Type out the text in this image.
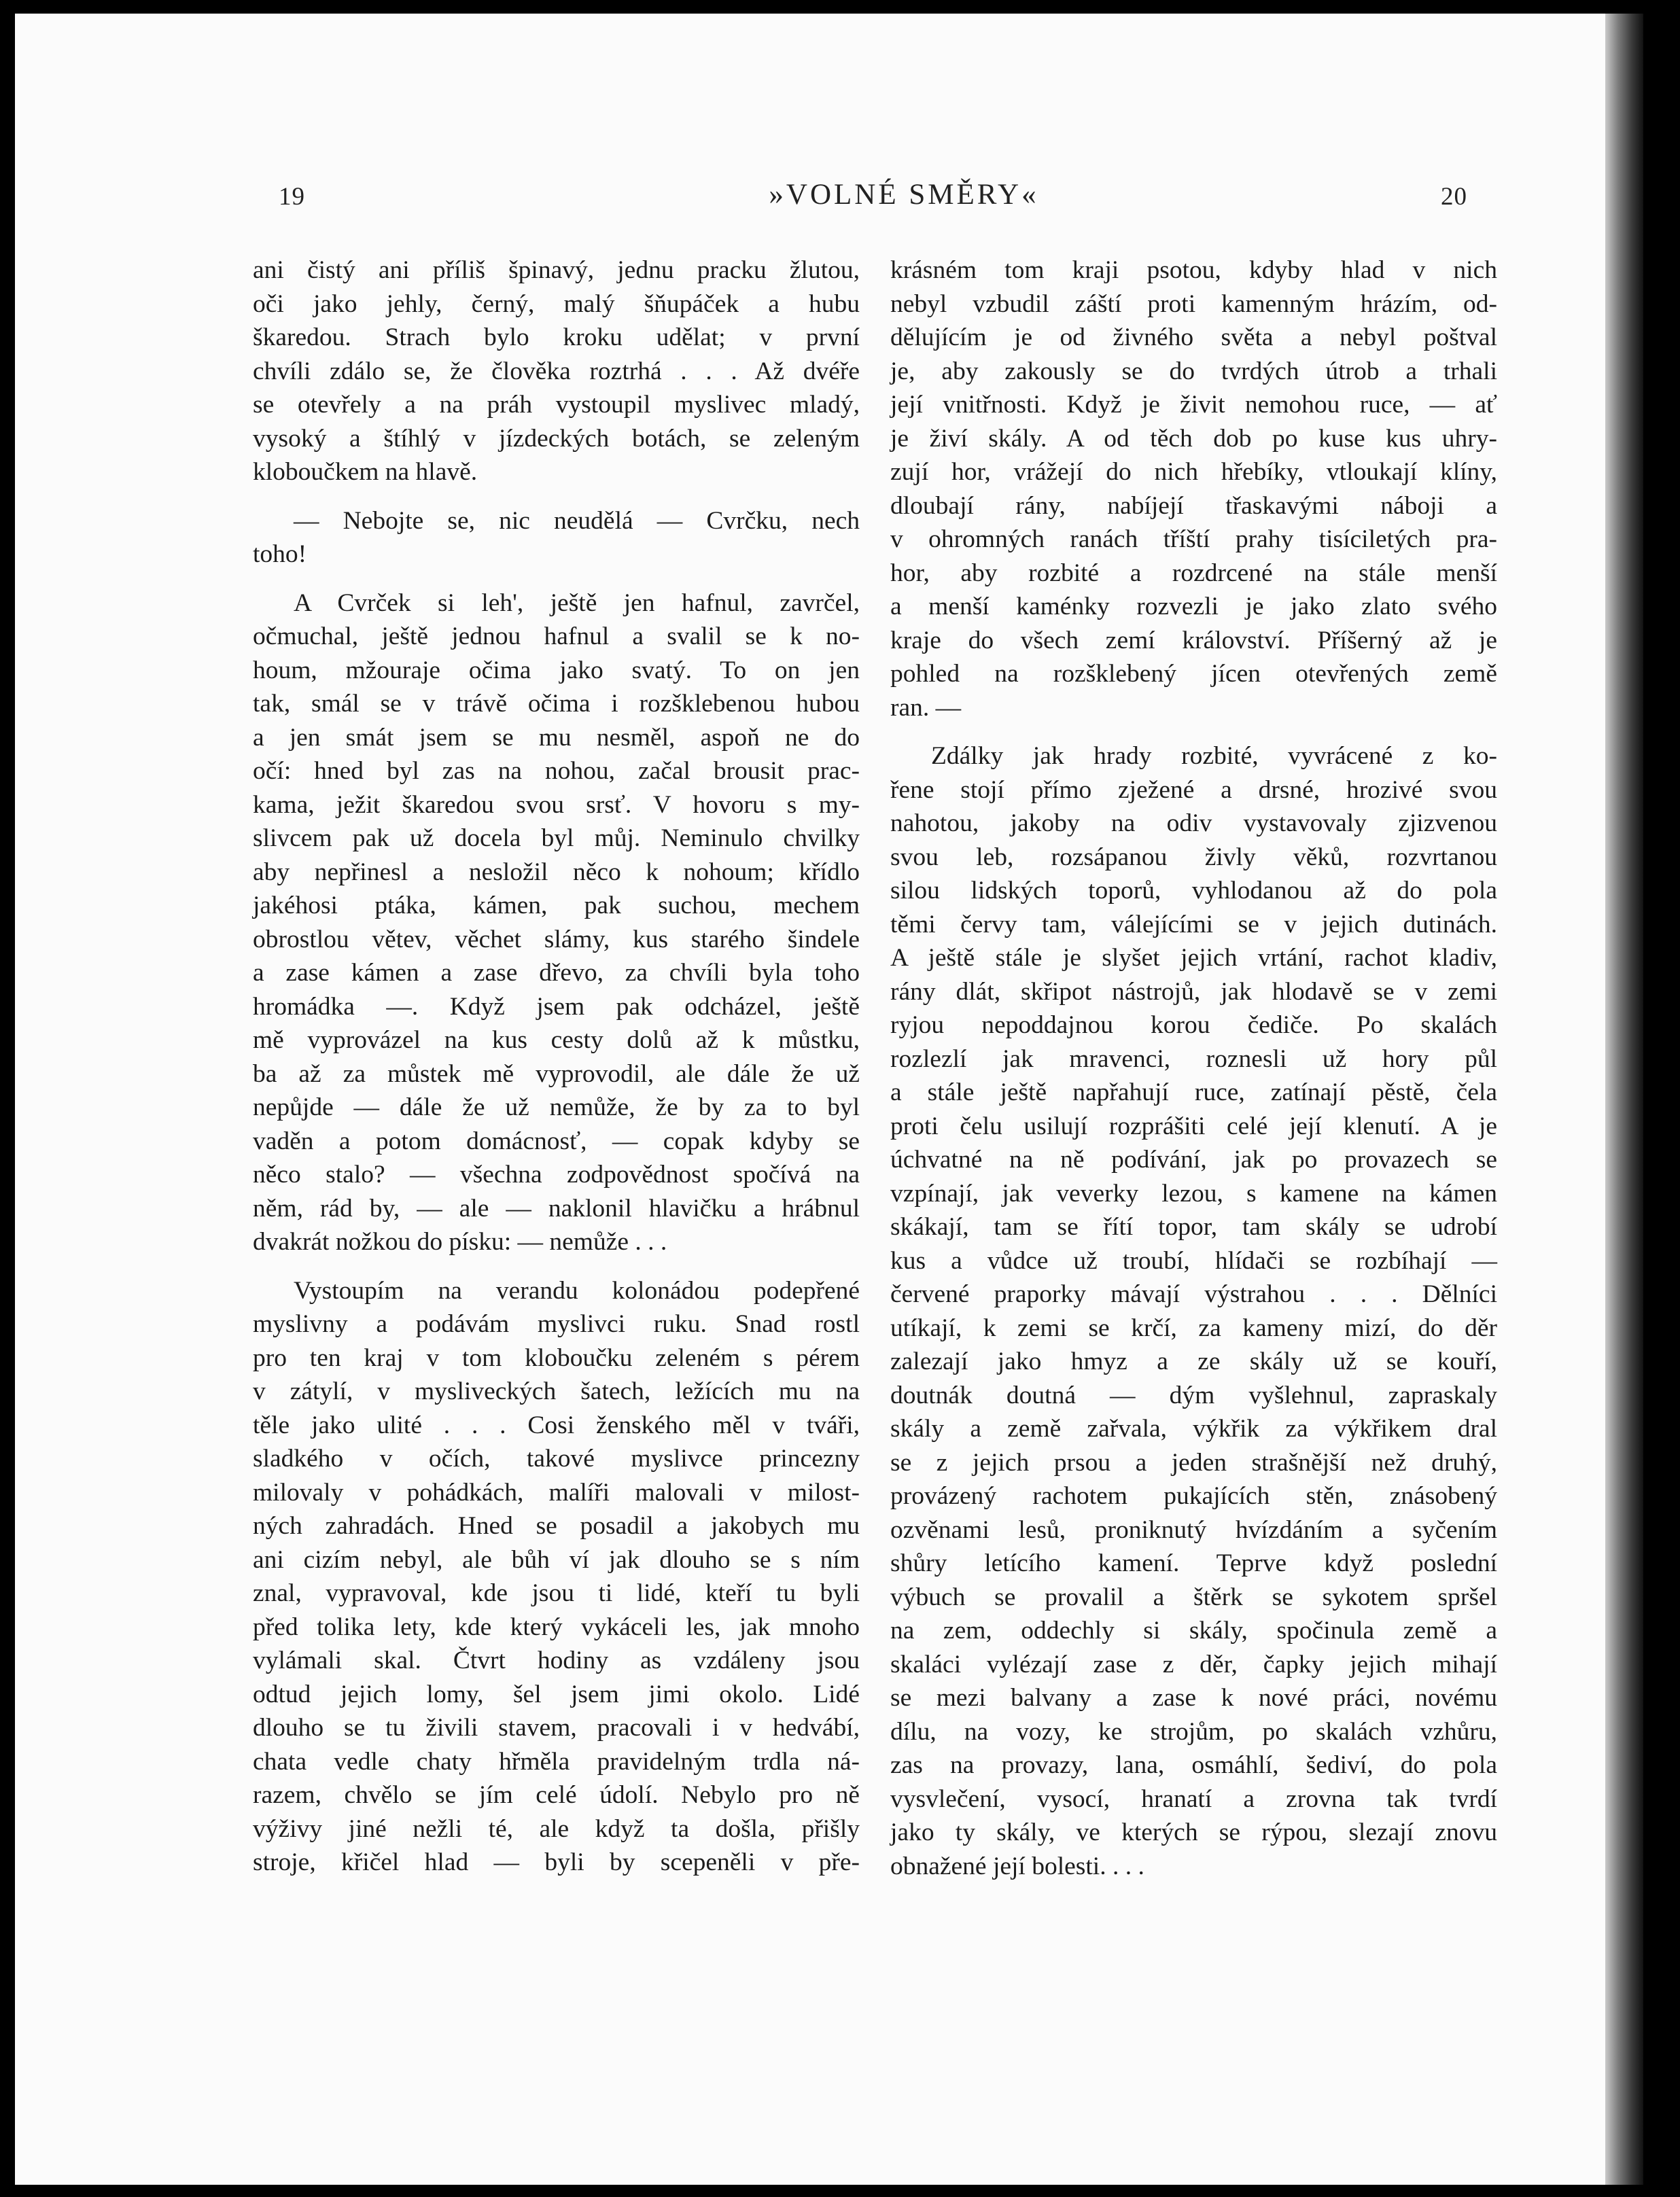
19	»VOLNÉ SMĚRY«	20
ani čistý ani příliš špinavý, jednu pracku žlutou,
oči jako jehly, černý, malý šňupáček a hubu
škaredou. Strach bylo kroku udělat; v první
chvíli zdálo se, že člověka roztrhá . . . Až dvéře
se otevřely a na práh vystoupil myslivec mladý,
vysoký a štíhlý v jízdeckých botách, se zeleným
kloboučkem na hlavě.
— Nebojte se, nic neudělá — Cvrčku, nech
toho!
A Cvrček si leh', ještě jen hafnul, zavrčel,
očmuchal, ještě jednou hafnul a svalil se k no-
houm, mžouraje očima jako svatý. To on jen
tak, smál se v trávě očima i rozšklebenou hubou
a jen smát jsem se mu nesměl, aspoň ne do
očí: hned byl zas na nohou, začal brousit prac-
kama, ježit škaredou svou srsť. V hovoru s my-
slivcem pak už docela byl můj. Neminulo chvilky
aby nepřinesl a nesložil něco k nohoum; křídlo
jakéhosi ptáka, kámen, pak suchou, mechem
obrostlou větev, věchet slámy, kus starého šindele
a zase kámen a zase dřevo, za chvíli byla toho
hromádka —. Když jsem pak odcházel, ještě
mě vyprovázel na kus cesty dolů až k můstku,
ba až za můstek mě vyprovodil, ale dále že už
nepůjde — dále že už nemůže, že by za to byl
vaděn a potom domácnosť, — copak kdyby se
něco stalo? — všechna zodpovědnost spočívá na
něm, rád by, — ale — naklonil hlavičku a hrábnul
dvakrát nožkou do písku: — nemůže . . .
Vystoupím na verandu kolonádou podepřené
myslivny a podávám myslivci ruku. Snad rostl
pro ten kraj v tom kloboučku zeleném s pérem
v zátylí, v mysliveckých šatech, ležících mu na
těle jako ulité . . . Cosi ženského měl v tváři,
sladkého v očích, takové myslivce princezny
milovaly v pohádkách, malíři malovali v milost-
ných zahradách. Hned se posadil a jakobych mu
ani cizím nebyl, ale bůh ví jak dlouho se s ním
znal, vypravoval, kde jsou ti lidé, kteří tu byli
před tolika lety, kde který vykáceli les, jak mnoho
vylámali skal. Čtvrt hodiny as vzdáleny jsou
odtud jejich lomy, šel jsem jimi okolo. Lidé
dlouho se tu živili stavem, pracovali i v hedvábí,
chata vedle chaty hřměla pravidelným trdla ná-
razem, chvělo se jím celé údolí. Nebylo pro ně
výživy jiné nežli té, ale když ta došla, přišly
stroje, křičel hlad — byli by scepeněli v pře-
krásném tom kraji psotou, kdyby hlad v nich
nebyl vzbudil záští proti kamenným hrázím, od-
dělujícím je od živného světa a nebyl poštval
je, aby zakously se do tvrdých útrob a trhali
její vnitřnosti. Když je živit nemohou ruce, — ať
je živí skály. A od těch dob po kuse kus uhry-
zují hor, vrážejí do nich hřebíky, vtloukají klíny,
dloubají rány, nabíjejí třaskavými náboji a
v ohromných ranách tříští prahy tisíciletých pra-
hor, aby rozbité a rozdrcené na stále menší
a menší kaménky rozvezli je jako zlato svého
kraje do všech zemí království. Příšerný až je
pohled na rozšklebený jícen otevřených země
ran. —
Zdálky jak hrady rozbité, vyvrácené z ko-
řene stojí přímo zježené a drsné, hrozivé svou
nahotou, jakoby na odiv vystavovaly zjizvenou
svou leb, rozsápanou živly věků, rozvrtanou
silou lidských toporů, vyhlodanou až do pola
těmi červy tam, válejícími se v jejich dutinách.
A ještě stále je slyšet jejich vrtání, rachot kladiv,
rány dlát, skřipot nástrojů, jak hlodavě se v zemi
ryjou nepoddajnou korou čediče. Po skalách
rozlezlí jak mravenci, roznesli už hory půl
a stále ještě napřahují ruce, zatínají pěstě, čela
proti čelu usilují rozprášiti celé její klenutí. A je
úchvatné na ně podívání, jak po provazech se
vzpínají, jak veverky lezou, s kamene na kámen
skákají, tam se řítí topor, tam skály se udrobí
kus a vůdce už troubí, hlídači se rozbíhají —
červené praporky mávají výstrahou . . . Dělníci
utíkají, k zemi se krčí, za kameny mizí, do děr
zalezají jako hmyz a ze skály už se kouří,
doutnák doutná — dým vyšlehnul, zapraskaly
skály a země zařvala, výkřik za výkřikem dral
se z jejich prsou a jeden strašnější než druhý,
provázený rachotem pukajících stěn, znásobený
ozvěnami lesů, proniknutý hvízdáním a syčením
shůry letícího kamení. Teprve když poslední
výbuch se provalil a štěrk se sykotem spršel
na zem, oddechly si skály, spočinula země a
skaláci vylézají zase z děr, čapky jejich mihají
se mezi balvany a zase k nové práci, novému
dílu, na vozy, ke strojům, po skalách vzhůru,
zas na provazy, lana, osmáhlí, šediví, do pola
vysvlečení, vysocí, hranatí a zrovna tak tvrdí
jako ty skály, ve kterých se rýpou, slezají znovu
obnažené její bolesti. . . .
